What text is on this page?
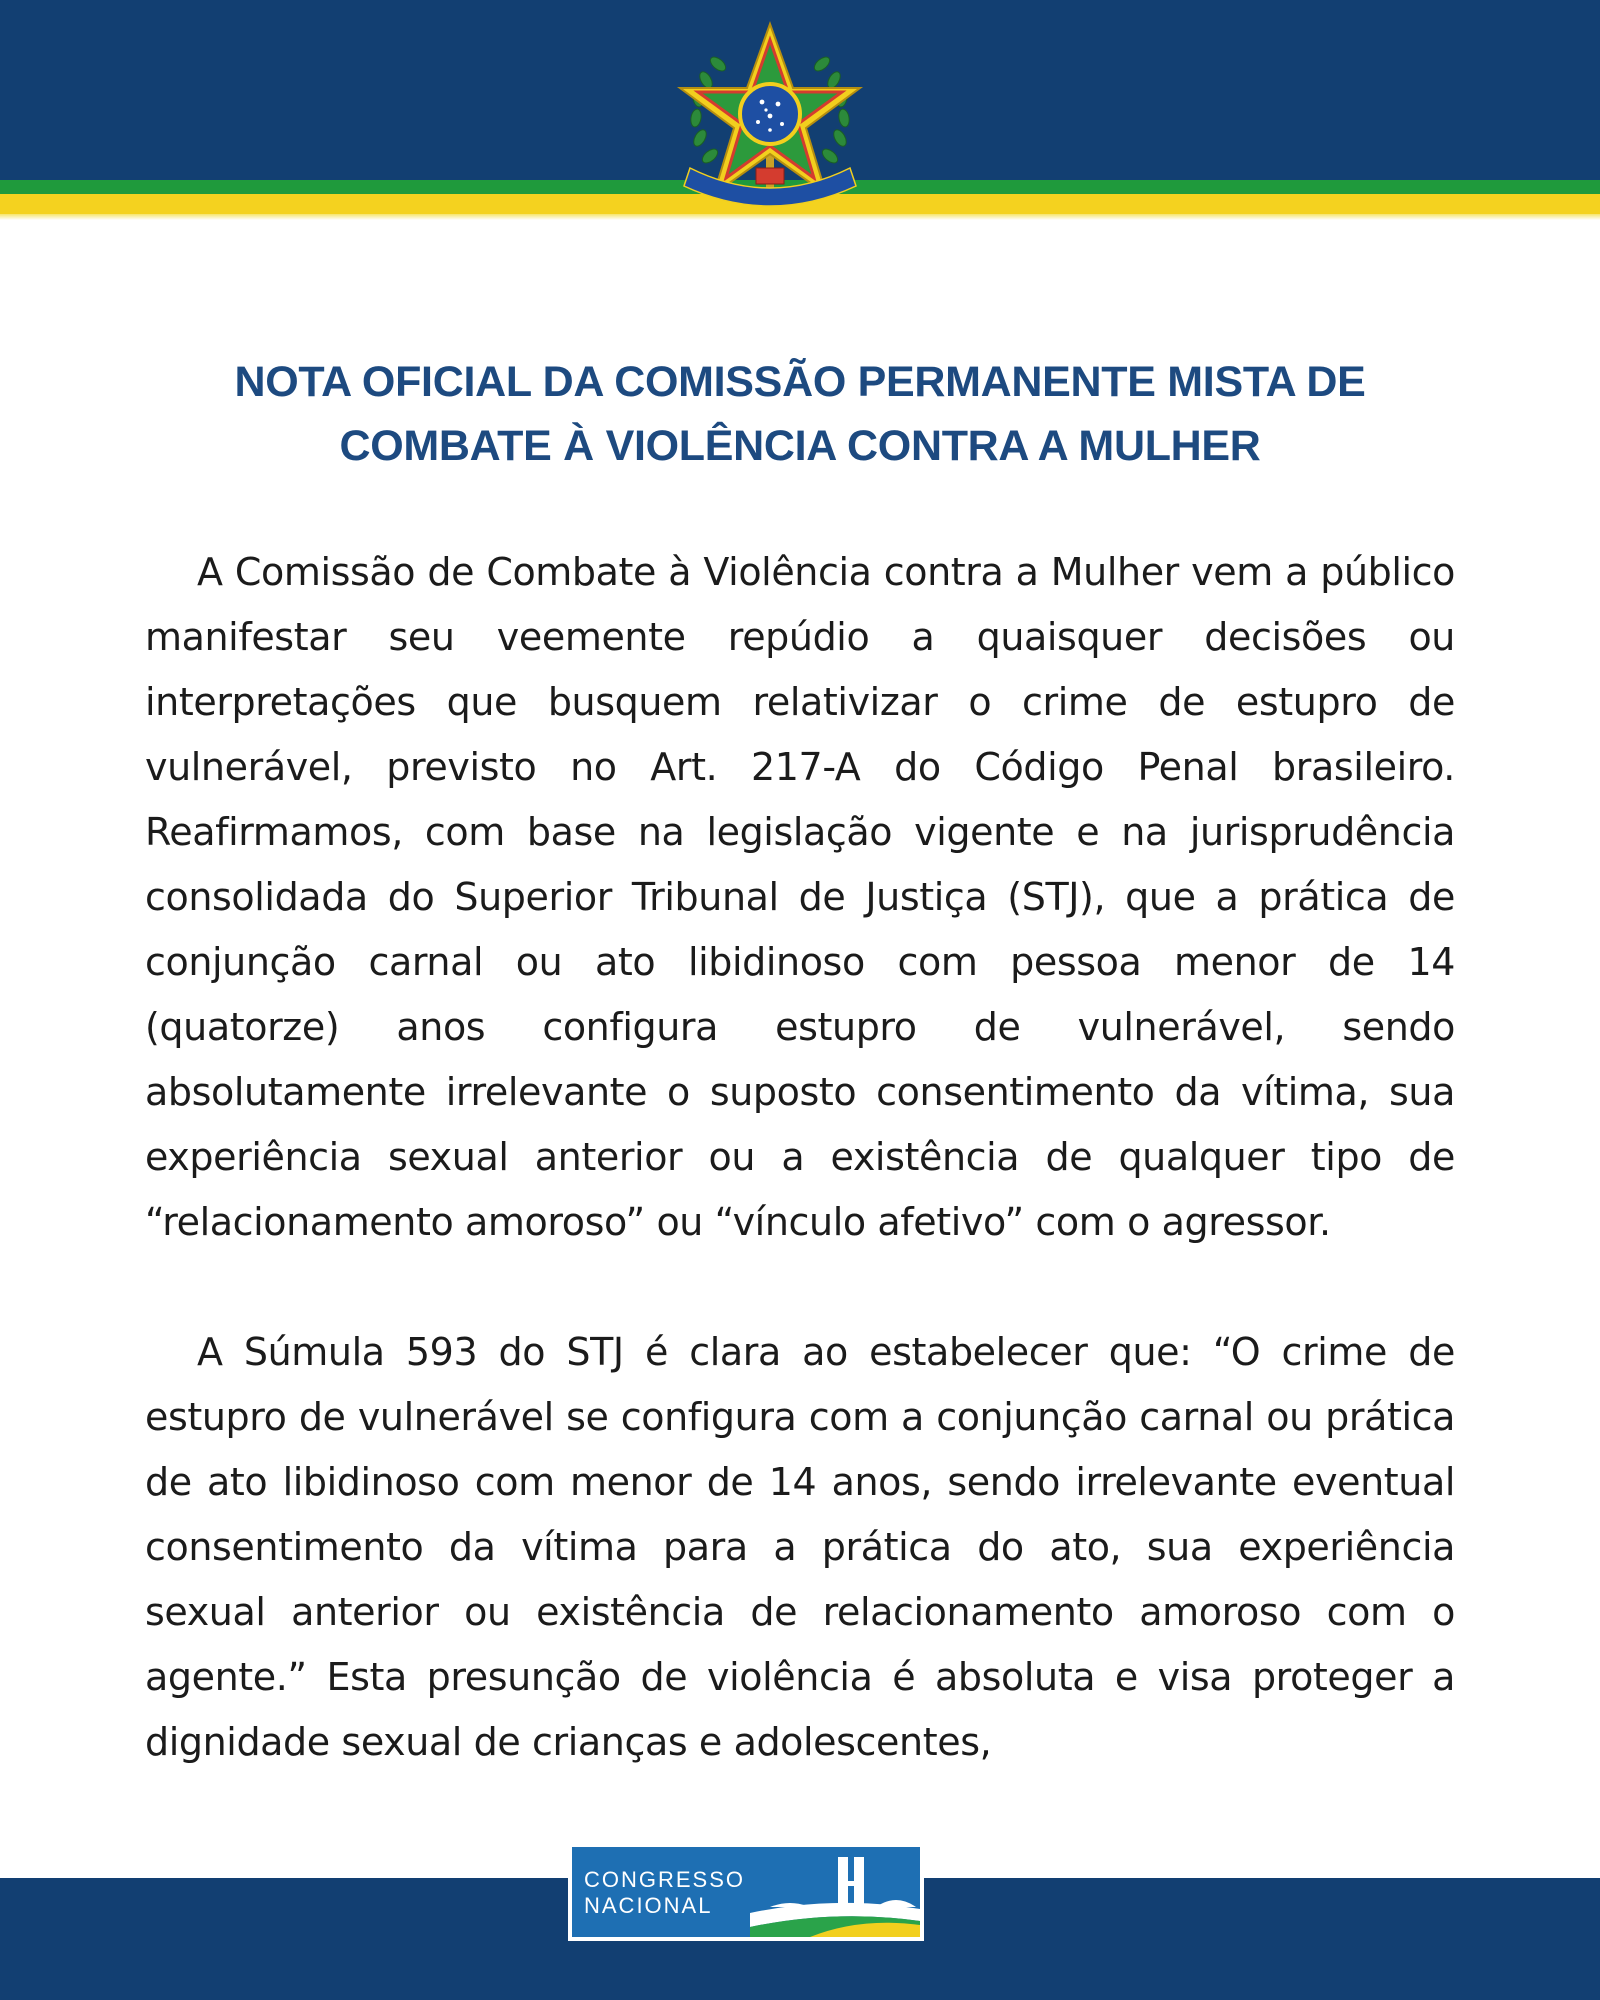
NOTA OFICIAL DA COMISSÃO PERMANENTE MISTA DE COMBATE À VIOLÊNCIA CONTRA A MULHER

A Comissão de Combate à Violência contra a Mulher vem a público manifestar seu veemente repúdio a quaisquer decisões ou interpretações que busquem relativizar o crime de estupro de vulnerável, previsto no Art. 217-A do Código Penal brasileiro. Reafirmamos, com base na legislação vigente e na jurisprudência consolidada do Superior Tribunal de Justiça (STJ), que a prática de conjunção carnal ou ato libidinoso com pessoa menor de 14 (quatorze) anos configura estupro de vulnerável, sendo absolutamente irrelevante o suposto consentimento da vítima, sua experiência sexual anterior ou a existência de qualquer tipo de “relacionamento amoroso” ou “vínculo afetivo” com o agressor.

A Súmula 593 do STJ é clara ao estabelecer que: “O crime de estupro de vulnerável se configura com a conjunção carnal ou prática de ato libidinoso com menor de 14 anos, sendo irrelevante eventual consentimento da vítima para a prática do ato, sua experiência sexual anterior ou existência de relacionamento amoroso com o agente.” Esta presunção de violência é absoluta e visa proteger a dignidade sexual de crianças e adolescentes,

CONGRESSO
NACIONAL
